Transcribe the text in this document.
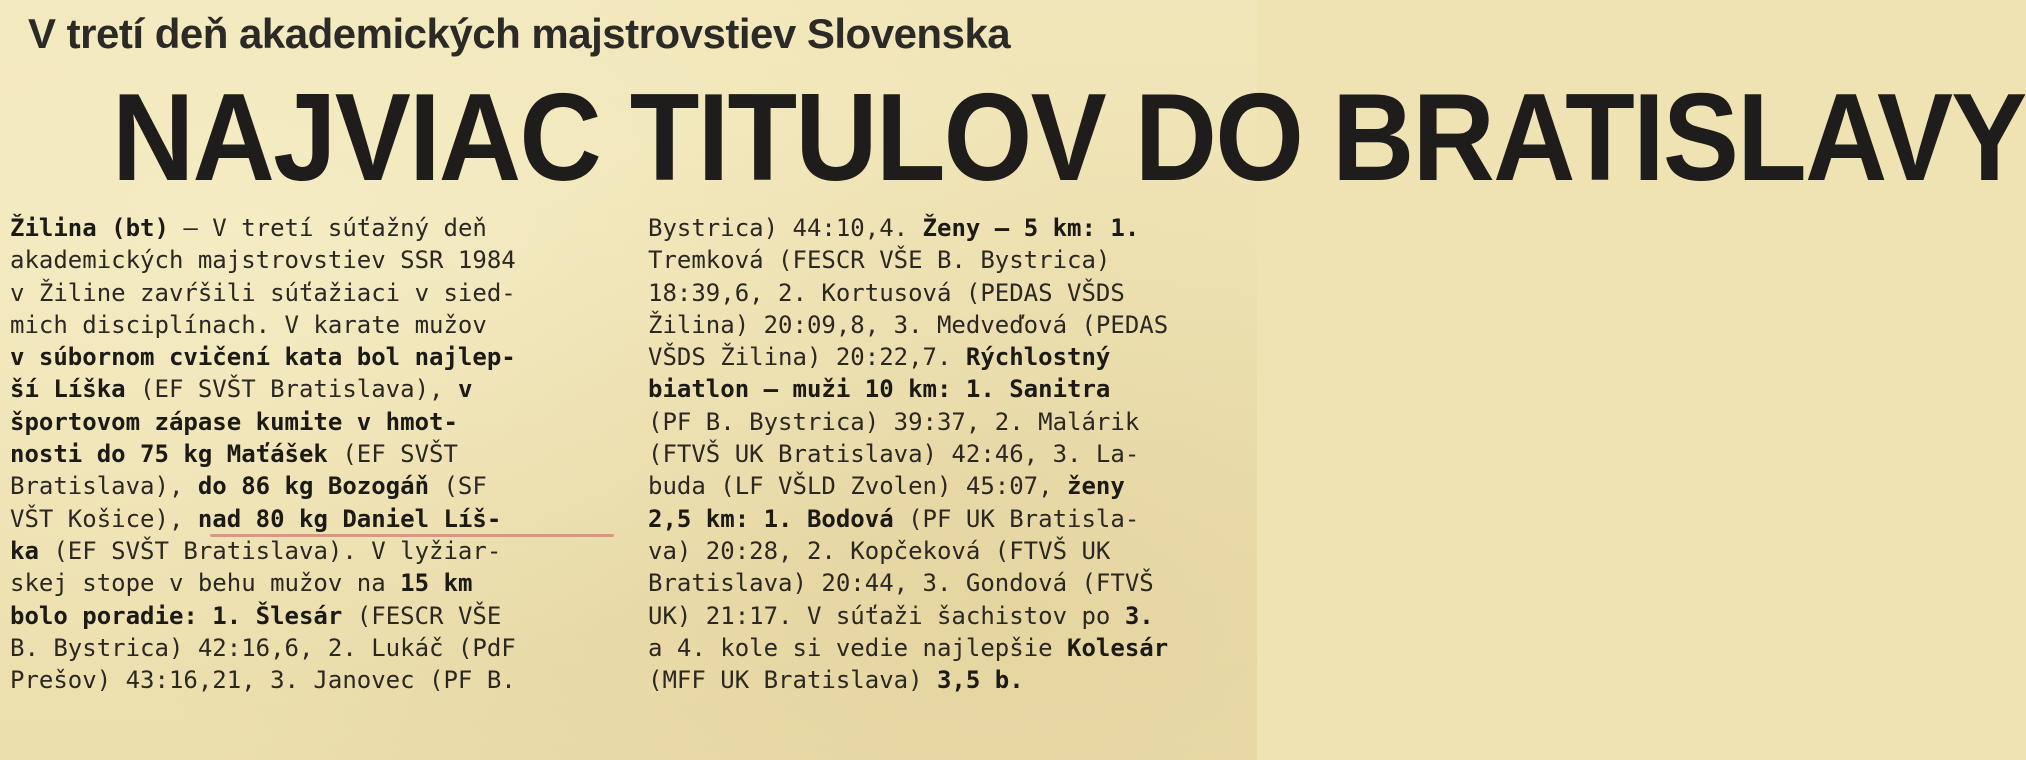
V tretí deň akademických majstrovstiev Slovenska
NAJVIAC TITULOV DO BRATISLAVY
Žilina (bt) — V tretí súťažný deň
akademických majstrovstiev SSR 1984
v Žiline zavŕšili súťažiaci v sied-
mich disciplínach. V karate mužov
v súbornom cvičení kata bol najlep-
ší Líška (EF SVŠT Bratislava), v
športovom zápase kumite v hmot-
nosti do 75 kg Maťášek (EF SVŠT
Bratislava), do 86 kg Bozogáň (SF
VŠT Košice), nad 80 kg Daniel Líš-
ka (EF SVŠT Bratislava). V lyžiar-
skej stope v behu mužov na 15 km
bolo poradie: 1. Šlesár (FESCR VŠE
B. Bystrica) 42:16,6, 2. Lukáč (PdF
Prešov) 43:16,21, 3. Janovec (PF B.
Bystrica) 44:10,4. Ženy — 5 km: 1.
Tremková (FESCR VŠE B. Bystrica)
18:39,6, 2. Kortusová (PEDAS VŠDS
Žilina) 20:09,8, 3. Medveďová (PEDAS
VŠDS Žilina) 20:22,7. Rýchlostný
biatlon — muži 10 km: 1. Sanitra
(PF B. Bystrica) 39:37, 2. Malárik
(FTVŠ UK Bratislava) 42:46, 3. La-
buda (LF VŠLD Zvolen) 45:07, ženy
2,5 km: 1. Bodová (PF UK Bratisla-
va) 20:28, 2. Kopčeková (FTVŠ UK
Bratislava) 20:44, 3. Gondová (FTVŠ
UK) 21:17. V súťaži šachistov po 3.
a 4. kole si vedie najlepšie Kolesár
(MFF UK Bratislava) 3,5 b.
